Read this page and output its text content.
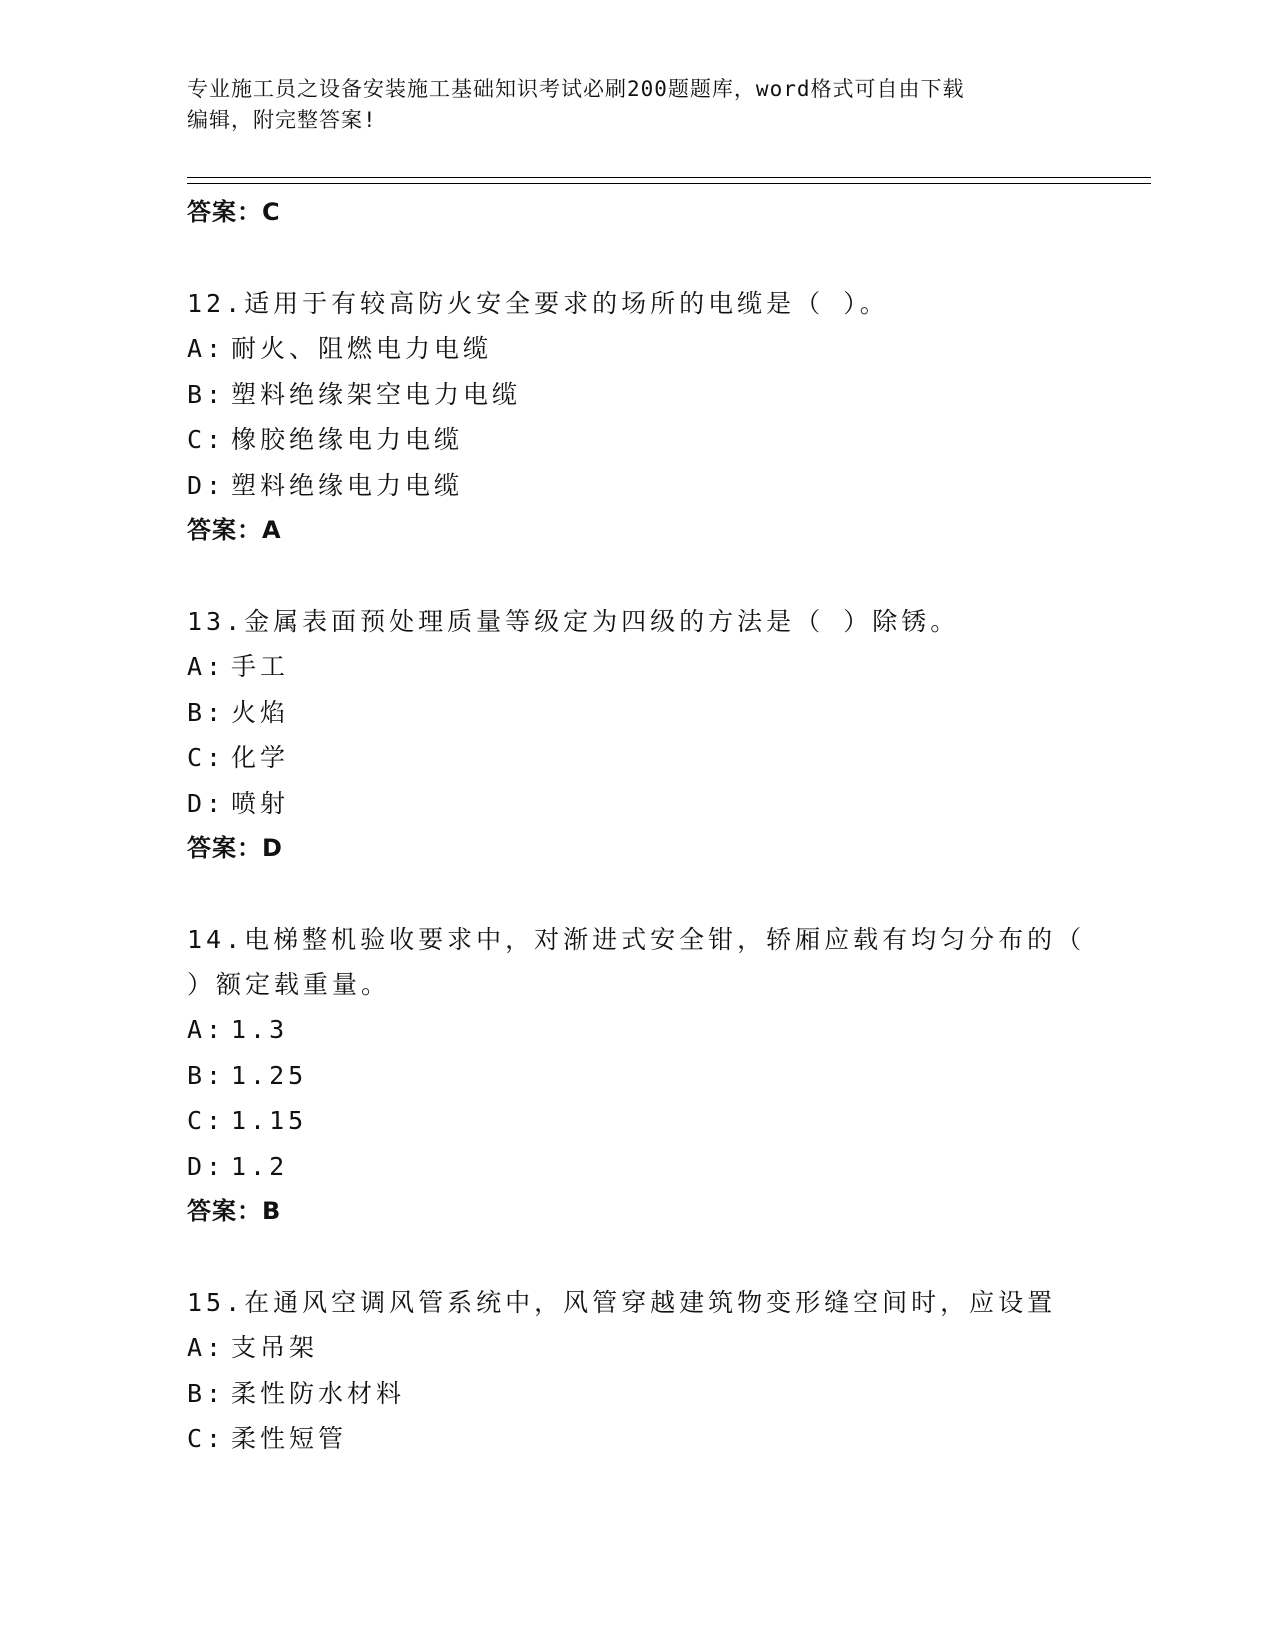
专业施工员之设备安装施工基础知识考试必刷200题题库，word格式可自由下载
编辑，附完整答案!
答案：C
12.适用于有较高防火安全要求的场所的电缆是（ ）。
A: 耐火、阻燃电力电缆
B: 塑料绝缘架空电力电缆
C: 橡胶绝缘电力电缆
D: 塑料绝缘电力电缆
答案：A
13.金属表面预处理质量等级定为四级的方法是（ ）除锈。
A: 手工
B: 火焰
C: 化学
D: 喷射
答案：D
14.电梯整机验收要求中，对渐进式安全钳，轿厢应载有均匀分布的（
）额定载重量。
A: 1.3
B: 1.25
C: 1.15
D: 1.2
答案：B
15.在通风空调风管系统中，风管穿越建筑物变形缝空间时，应设置
A: 支吊架
B: 柔性防水材料
C: 柔性短管
